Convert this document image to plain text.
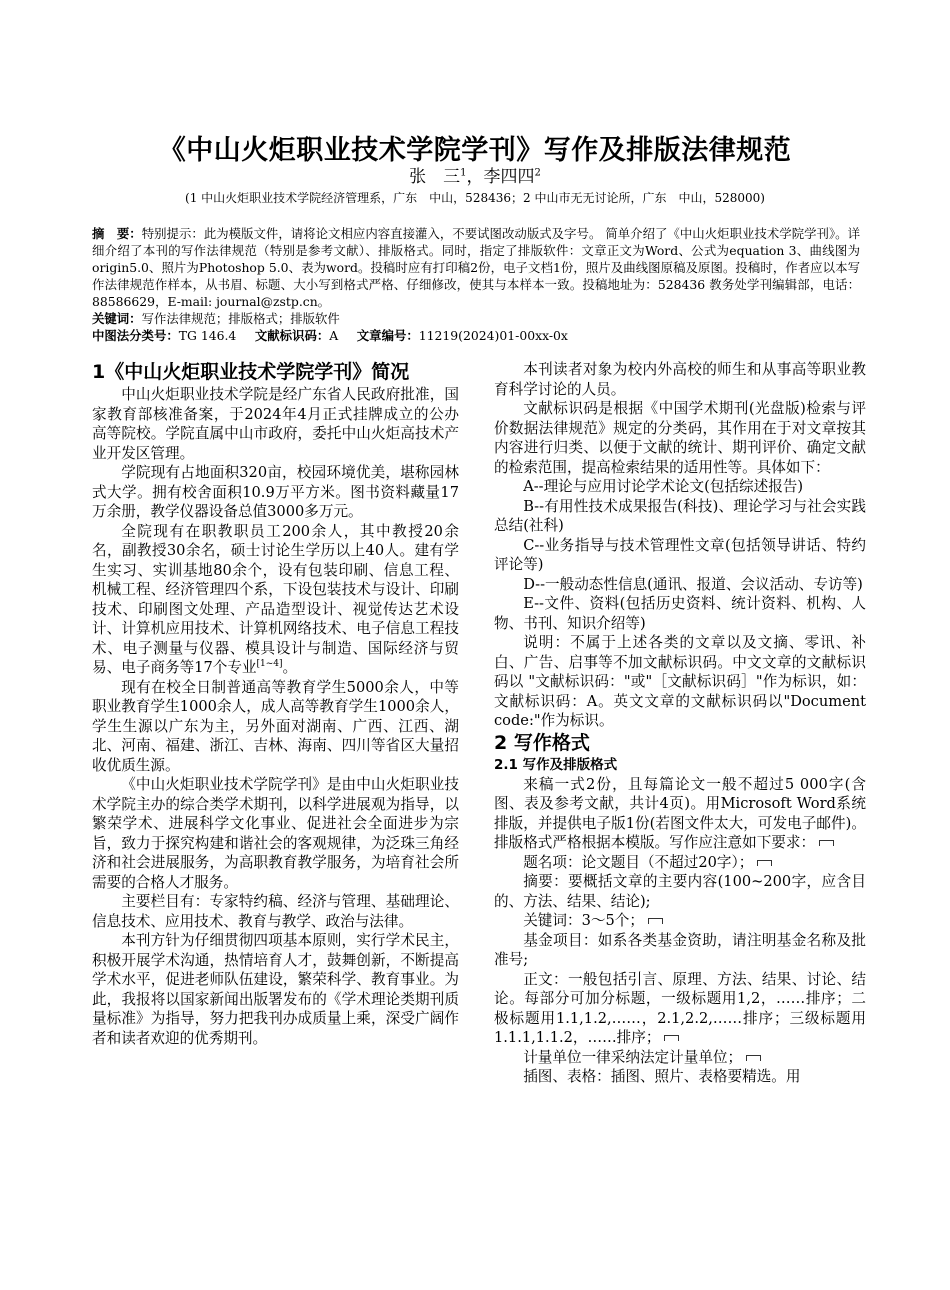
《中山火炬职业技术学院学刊》写作及排版法律规范
张　三$^1$，李四四$^2$
(1 中山火炬职业技术学院经济管理系，广东　中山，528436；2 中山市无无讨论所，广东　中山，528000)

摘　要：特别提示：此为模版文件，请将论文相应内容直接灌入，不要试图改动版式及字号。 简单介绍了《中山火炬职业技术学院学刊》。详细介绍了本刊的写作法律规范（特别是参考文献）、排版格式。同时，指定了排版软件：文章正文为Word、公式为equation 3、曲线图为origin5.0、照片为Photoshop 5.0、表为word。投稿时应有打印稿2份，电子文档1份，照片及曲线图原稿及原图。投稿时，作者应以本写作法律规范作样本，从书眉、标题、大小写到格式严格、仔细修改，使其与本样本一致。投稿地址为：528436 教务处学刊编辑部，电话：88586629，E-mail: journal@zstp.cn。

关键词：写作法律规范；排版格式；排版软件

中图法分类号：TG 146.4   文献标识码：A   文章编号：11219(2024)01-00xx-0x

1《中山火炬职业技术学院学刊》简况

中山火炬职业技术学院是经广东省人民政府批准，国家教育部核准备案，于2024年4月正式挂牌成立的公办高等院校。学院直属中山市政府，委托中山火炬高技术产业开发区管理。

学院现有占地面积320亩，校园环境优美，堪称园林式大学。拥有校舍面积10.9万平方米。图书资料藏量17万余册，教学仪器设备总值3000多万元。

全院现有在职教职员工200余人，其中教授20余名，副教授30余名，硕士讨论生学历以上40人。建有学生实习、实训基地80余个，设有包装印刷、信息工程、机械工程、经济管理四个系，下设包装技术与设计、印刷技术、印刷图文处理、产品造型设计、视觉传达艺术设计、计算机应用技术、计算机网络技术、电子信息工程技术、电子测量与仪器、模具设计与制造、国际经济与贸易、电子商务等17个专业[1~4]。

现有在校全日制普通高等教育学生5000余人，中等职业教育学生1000余人，成人高等教育学生1000余人，学生生源以广东为主，另外面对湖南、广西、江西、湖北、河南、福建、浙江、吉林、海南、四川等省区大量招收优质生源。

《中山火炬职业技术学院学刊》是由中山火炬职业技术学院主办的综合类学术期刊，以科学进展观为指导，以繁荣学术、进展科学文化事业、促进社会全面进步为宗旨，致力于探究构建和谐社会的客观规律，为泛珠三角经济和社会进展服务，为高职教育教学服务，为培育社会所需要的合格人才服务。

主要栏目有：专家特约稿、经济与管理、基础理论、信息技术、应用技术、教育与教学、政治与法律。

本刊方针为仔细贯彻四项基本原则，实行学术民主，积极开展学术沟通，热情培育人才，鼓舞创新，不断提高学术水平，促进老师队伍建设，繁荣科学、教育事业。为此，我报将以国家新闻出版署发布的《学术理论类期刊质量标准》为指导，努力把我刊办成质量上乘，深受广阔作者和读者欢迎的优秀期刊。

本刊读者对象为校内外高校的师生和从事高等职业教育科学讨论的人员。

文献标识码是根据《中国学术期刊(光盘版)检索与评价数据法律规范》规定的分类码，其作用在于对文章按其内容进行归类、以便于文献的统计、期刊评价、确定文献的检索范围，提高检索结果的适用性等。具体如下：

A--理论与应用讨论学术论文(包括综述报告)

B--有用性技术成果报告(科技)、理论学习与社会实践总结(社科)

C--业务指导与技术管理性文章(包括领导讲话、特约评论等)

D--一般动态性信息(通讯、报道、会议活动、专访等)

E--文件、资料(包括历史资料、统计资料、机构、人物、书刊、知识介绍等)

说明：不属于上述各类的文章以及文摘、零讯、补白、广告、启事等不加文献标识码。中文文章的文献标识码以 "文献标识码："或"［文献标识码］"作为标识，如：文献标识码：A。英文文章的文献标识码以"Document code:"作为标识。

2 写作格式
2.1 写作及排版格式

来稿一式2份，且每篇论文一般不超过5 000字(含图、表及参考文献，共计4页)。用Microsoft Word系统排版，并提供电子版1份(若图文件太大，可发电子邮件)。排版格式严格根据本模版。写作应注意如下要求：

题名项：论文题目（不超过20字）；

摘要：要概括文章的主要内容(100~200字，应含目的、方法、结果、结论);

关键词：3～5个；

基金项目：如系各类基金资助，请注明基金名称及批准号;

正文：一般包括引言、原理、方法、结果、讨论、结论。每部分可加分标题，一级标题用1,2，……排序；二极标题用1.1,1.2,……，2.1,2.2,……排序；三级标题用1.1.1,1.1.2，……排序；

计量单位一律采纳法定计量单位；

插图、表格：插图、照片、表格要精选。用
